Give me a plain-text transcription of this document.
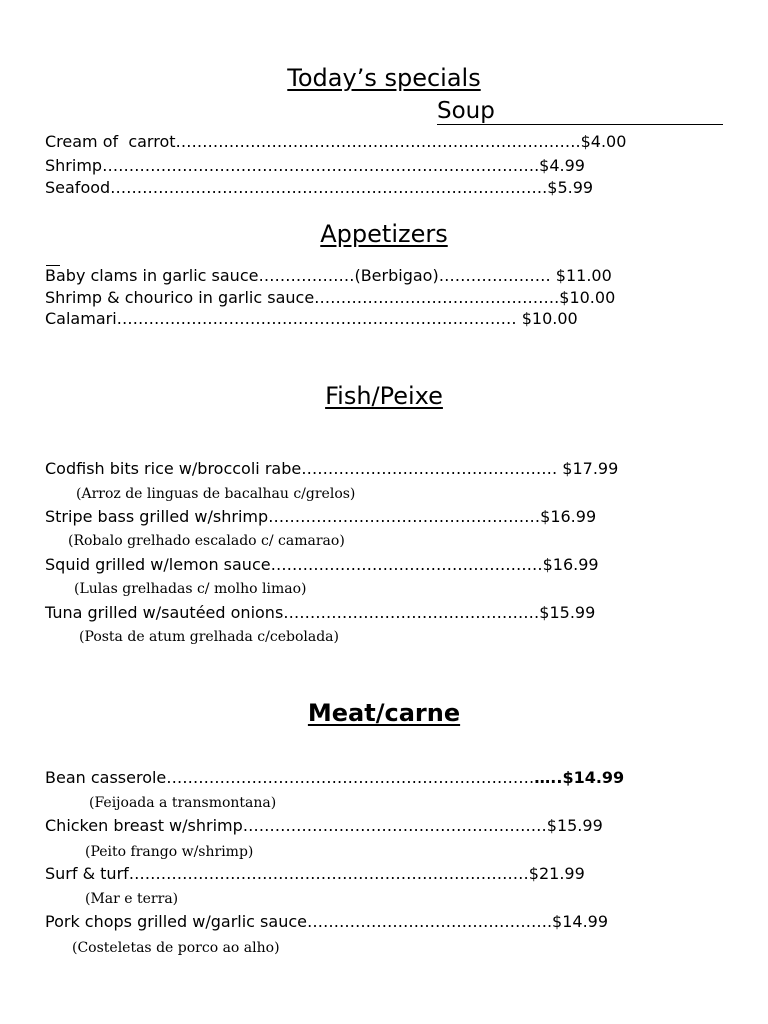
Today’s specials
Soup

Cream of  carrot………………………………………………………………….$4.00

Shrimp……………………………………………………………………….$4.99

Seafood……………………………………………………………………….$5.99

Appetizers

Baby clams in garlic sauce………………(Berbigao)………………… $11.00

Shrimp & chourico in garlic sauce……………………………………….$10.00

Calamari………………………………………………………………… $10.00

Fish/Peixe

Codfish bits rice w/broccoli rabe………………………………………… $17.99

(Arroz de linguas de bacalhau c/grelos)

Stripe bass grilled w/shrimp……………………………………………$16.99

(Robalo grelhado escalado c/ camarao)

Squid grilled w/lemon sauce……………………………………………$16.99

(Lulas grelhadas c/ molho limao)

Tuna grilled w/sautéed onions…………………………………………$15.99

(Posta de atum grelhada c/cebolada)

Meat/carne

Bean casserole………………………………………………………………..$14.99

(Feijoada a transmontana)

Chicken breast w/shrimp…………………………………………………$15.99

(Peito frango w/shrimp)

Surf & turf…………………………………………………………………$21.99

(Mar e terra)

Pork chops grilled w/garlic sauce……………………………………….$14.99

(Costeletas de porco ao alho)
